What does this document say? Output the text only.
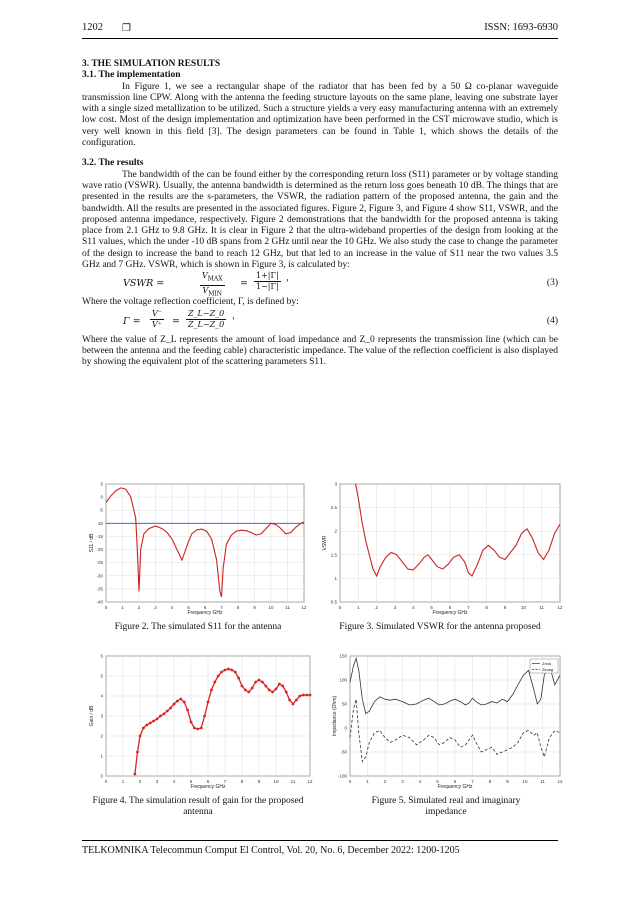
1202 ❒	ISSN: 1693-6930
3. THE SIMULATION RESULTS
3.1. The implementation

In Figure 1, we see a rectangular shape of the radiator that has been fed by a 50 Ω co-planar waveguide transmission line CPW. Along with the antenna the feeding structure layouts on the same plane, leaving one substrate layer with a single sized metallization to be utilized. Such a structure yields a very easy manufacturing antenna with an extremely low cost. Most of the design implementation and optimization have been performed in the CST microwave studio, which is very well known in this field [3]. The design parameters can be found in Table 1, which shows the details of the configuration.

3.2. The results

The bandwidth of the can be found either by the corresponding return loss (S11) parameter or by voltage standing wave ratio (VSWR). Usually, the antenna bandwidth is determined as the return loss goes beneath 10 dB. The things that are presented in the results are the s-parameters, the VSWR, the radiation pattern of the proposed antenna, the gain and the bandwidth. All the results are presented in the associated figures. Figure 2, Figure 3, and Figure 4 show S11, VSWR, and the proposed antenna impedance, respectively. Figure 2 demonstrations that the bandwidth for the proposed antenna is taking place from 2.1 GHz to 9.8 GHz. It is clear in Figure 2 that the ultra-wideband properties of the design from looking at the S11 values, which the under -10 dB spans from 2 GHz until near the 10 GHz. We also study the case to change the parameter of the design to increase the band to reach 12 GHz, but that led to an increase in the value of S11 near the two values 3.5 GHz and 7 GHz. VSWR, which is shown in Figure 3, is calculated by:

VSWR =
$V_{MAX}$
$V_{MIN}$
= $\frac{1+|\Gamma|}{1-|\Gamma|}$ '	(3)

Where the voltage reflection coefficient, Γ, is defined by:

$\Gamma = \frac{V^-}{V^+} = \frac{Z\_L-Z\_0}{Z\_L-Z\_0}$ '	(4)

Where the value of Z_L represents the amount of load impedance and Z_0 represents the transmission line (which can be between the antenna and the feeding cable) characteristic impedance. The value of the reflection coefficient is also displayed by showing the equivalent plot of the scattering parameters S11.

0	1	2	3	4	5	6	7	8	9	10	11	12
5
0
-5
-10
-15
-20
-25
-30
-35
-40
Frequency GHz
S11 / dB
0	1	2	3	4	5	6	7	8	9	10	11	12
0.5
1
1.5
2
2.5
3
Frequency GHz
VSWR
Figure 2. The simulated S11 for the antenna	Figure 3. Simulated VSWR for the antenna proposed
0	1	2	3	4	5	6	7	8	9	10	11	12
0
1
2
3
4
5
6
Frequency GHz
Gain / dB
0	1	2	3	4	5	6	7	8	9	10	11	12
-100
-50
0
50
100
150
Frequency GHz
Impedance (Ohm)
Zreal
Zimag
Figure 4. The simulation result of gain for the proposed antenna
Figure 5. Simulated real and imaginary impedance
TELKOMNIKA Telecommun Comput El Control, Vol. 20, No. 6, December 2022: 1200-1205
